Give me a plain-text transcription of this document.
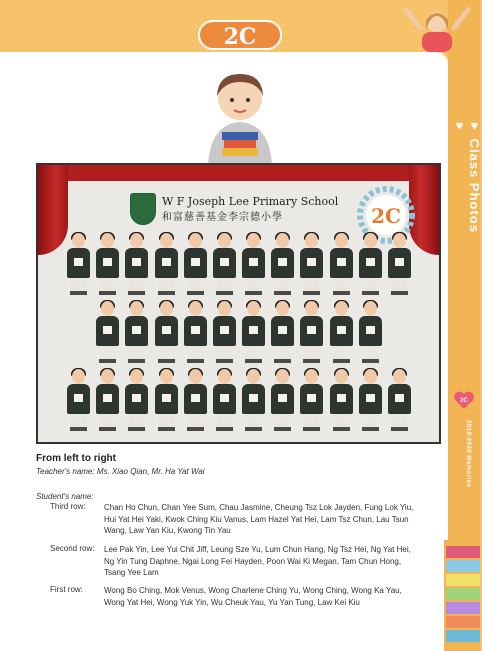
2C
♥ Class Photos ♥
2C
2019-2020 Memories
W F Joseph Lee Primary School
和富慈善基金李宗德小學	2C
From left to right
Teacher's name: Ms. Xiao Qian, Mr. Ha Yat Wai
Student's name:
Third row: Chan Ho Chun, Chan Yee Sum, Chau Jasmine, Cheung Tsz Lok Jayden, Fung Lok Yiu, Hui Yat Hei Yaki, Kwok Ching Kiu Vanus, Lam Hazel Yat Hei, Lam Tsz Chun, Lau Tsun Wang, Law Yan Kiu, Kwong Tin Yau
Second row: Lee Pak Yin, Lee Yui Chit Jiff, Leung Sze Yu, Lum Chun Hang, Ng Tsz Hei, Ng Yat Hei, Ng Yin Tung Daphne, Ngai Long Fei Hayden, Poon Wai Ki Megan, Tam Chun Hong, Tsang Yee Lam
First row:	Wong Bo Ching, Mok Venus, Wong Charlene Ching Yu, Wong Ching, Wong Ka Yau, Wong Yat Hei, Wong Yuk Yin, Wu Cheuk Yau, Yu Yan Tung, Law Kei Kiu
